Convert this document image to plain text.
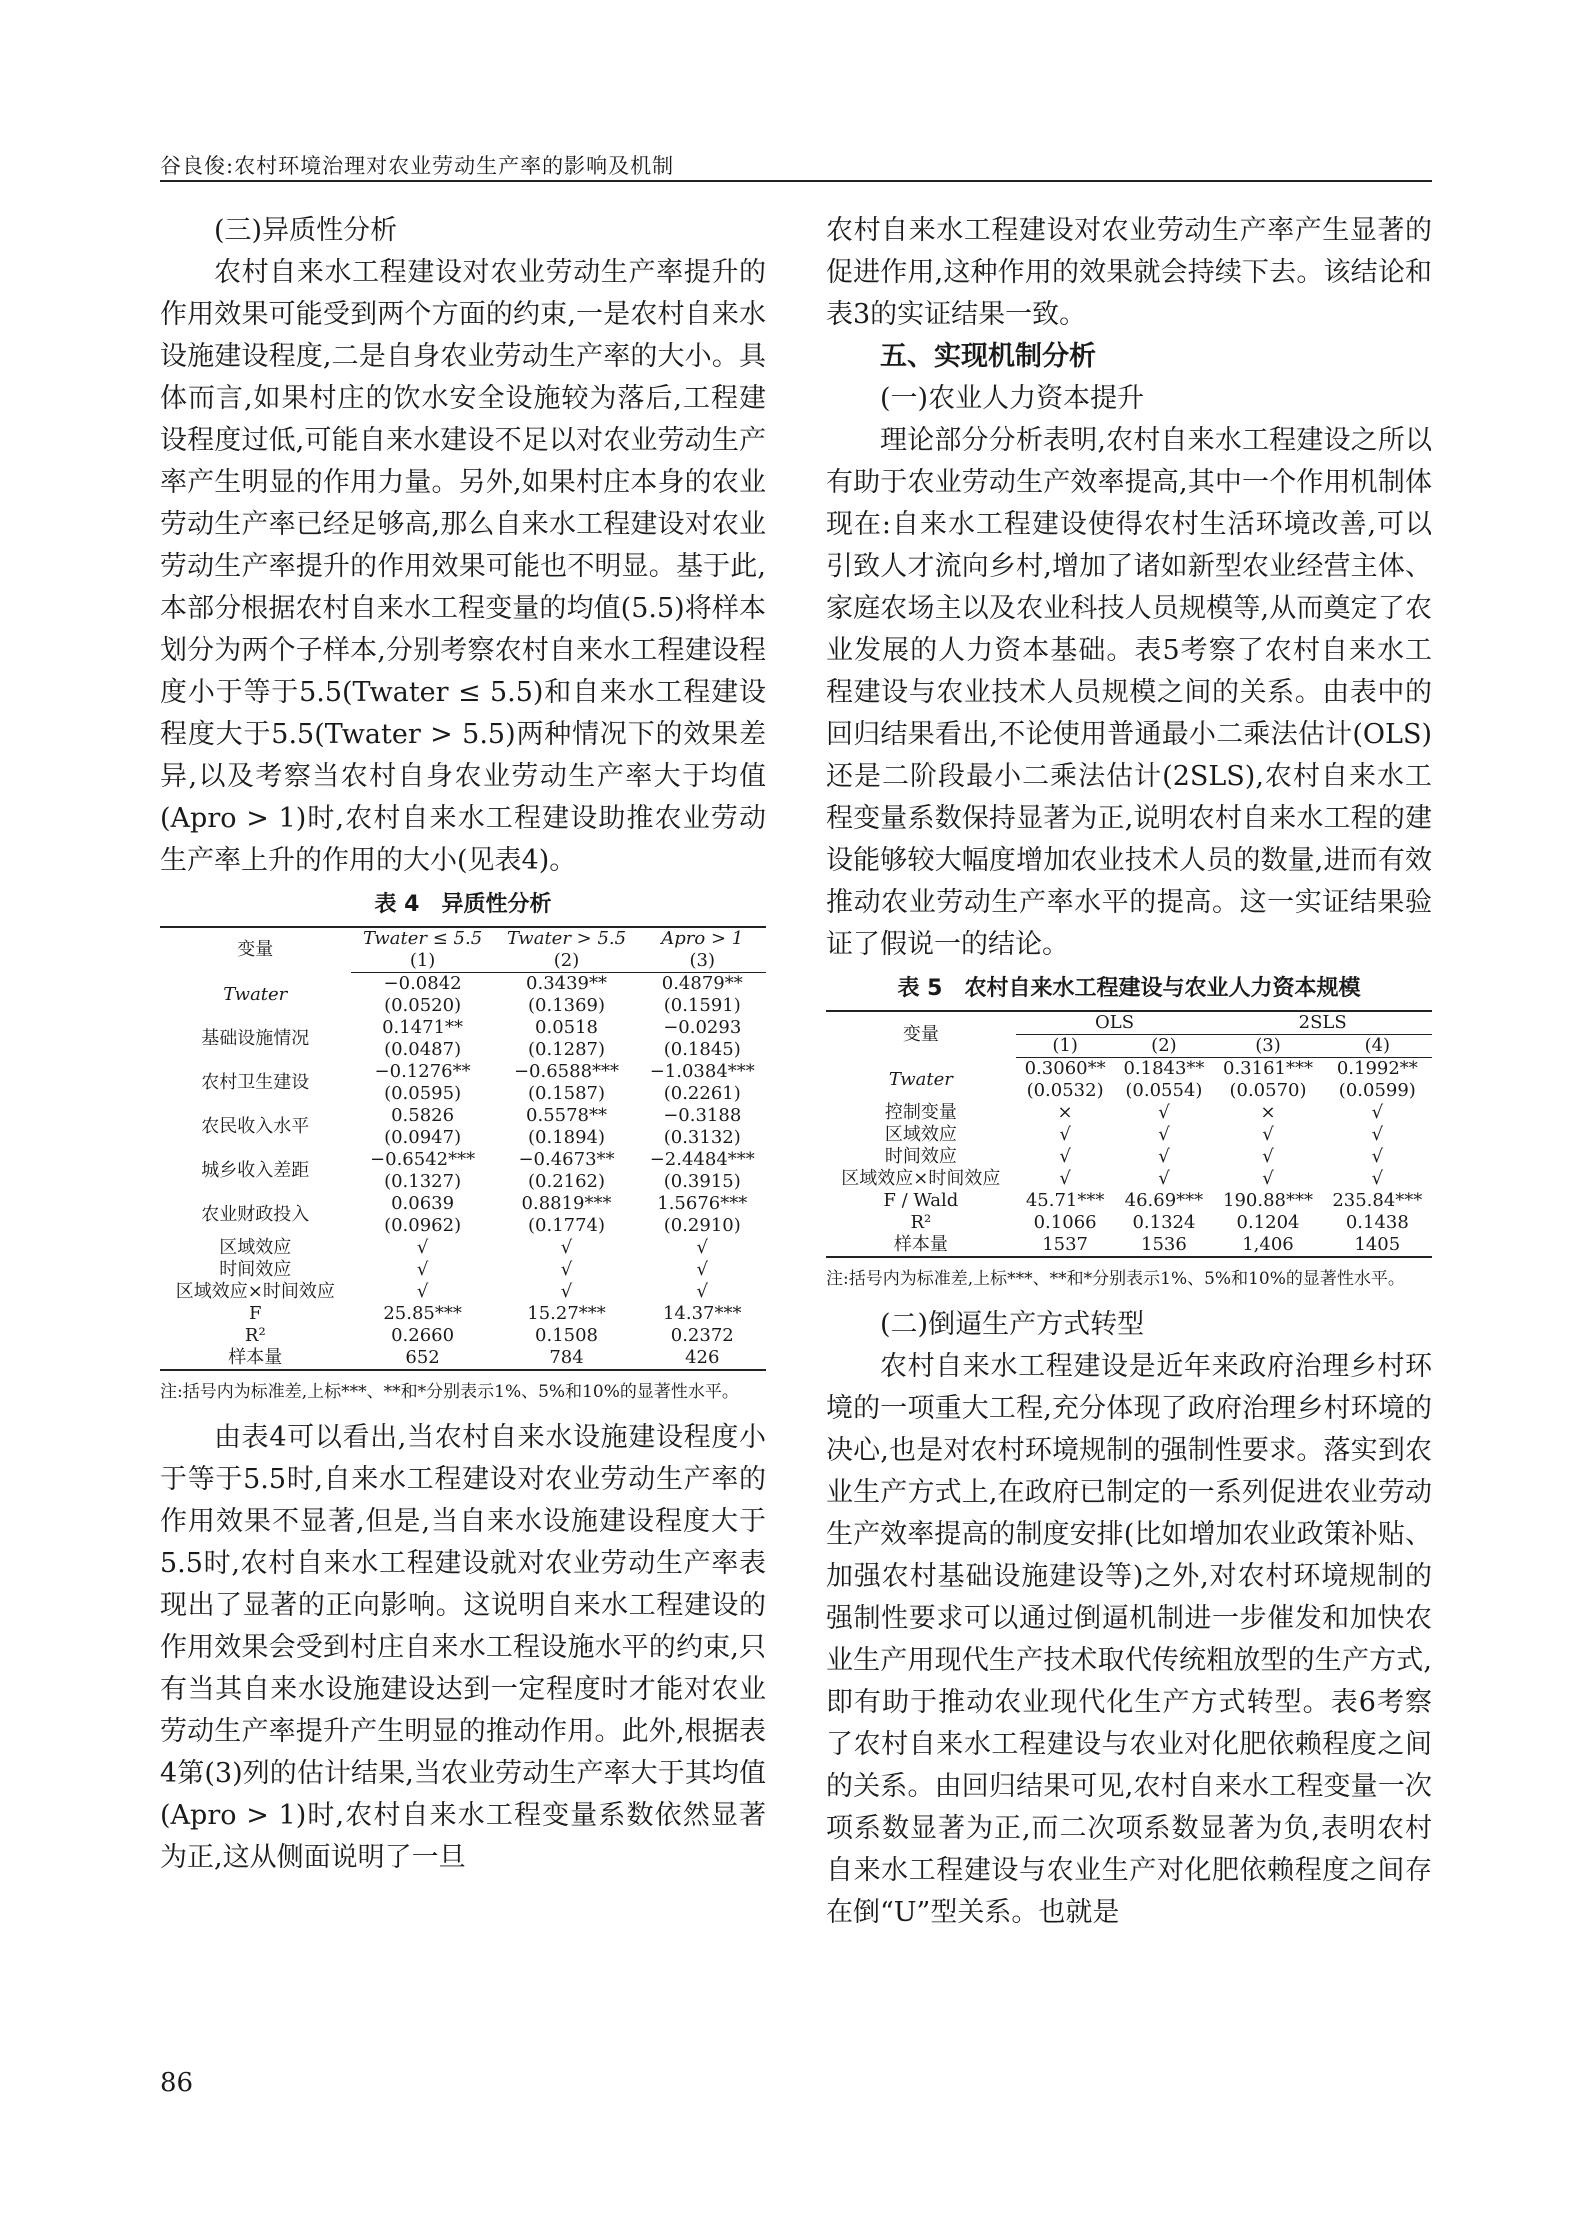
谷良俊:农村环境治理对农业劳动生产率的影响及机制
(三)异质性分析

农村自来水工程建设对农业劳动生产率提升的作用效果可能受到两个方面的约束,一是农村自来水设施建设程度,二是自身农业劳动生产率的大小。具体而言,如果村庄的饮水安全设施较为落后,工程建设程度过低,可能自来水建设不足以对农业劳动生产率产生明显的作用力量。另外,如果村庄本身的农业劳动生产率已经足够高,那么自来水工程建设对农业劳动生产率提升的作用效果可能也不明显。基于此,本部分根据农村自来水工程变量的均值(5.5)将样本划分为两个子样本,分别考察农村自来水工程建设程度小于等于5.5(Twater ≤ 5.5)和自来水工程建设程度大于5.5(Twater > 5.5)两种情况下的效果差异,以及考察当农村自身农业劳动生产率大于均值(Apro > 1)时,农村自来水工程建设助推农业劳动生产率上升的作用的大小(见表4)。

表 4　异质性分析
变量	Twater ≤ 5.5	Twater > 5.5	Apro > 1
	(1)	(2)	(3)
Twater	−0.0842	0.3439**	0.4879**
	(0.0520)	(0.1369)	(0.1591)
基础设施情况	0.1471**	0.0518	−0.0293
	(0.0487)	(0.1287)	(0.1845)
农村卫生建设	−0.1276**	−0.6588***	−1.0384***
	(0.0595)	(0.1587)	(0.2261)
农民收入水平	0.5826	0.5578**	−0.3188
	(0.0947)	(0.1894)	(0.3132)
城乡收入差距	−0.6542***	−0.4673**	−2.4484***
	(0.1327)	(0.2162)	(0.3915)
农业财政投入	0.0639	0.8819***	1.5676***
	(0.0962)	(0.1774)	(0.2910)
区域效应	√	√	√
时间效应	√	√	√
区域效应×时间效应	√	√	√
F	25.85***	15.27***	14.37***
R²	0.2660	0.1508	0.2372
样本量	652	784	426
注:括号内为标准差,上标***、**和*分别表示1%、5%和10%的显著性水平。

由表4可以看出,当农村自来水设施建设程度小于等于5.5时,自来水工程建设对农业劳动生产率的作用效果不显著,但是,当自来水设施建设程度大于5.5时,农村自来水工程建设就对农业劳动生产率表现出了显著的正向影响。这说明自来水工程建设的作用效果会受到村庄自来水工程设施水平的约束,只有当其自来水设施建设达到一定程度时才能对农业劳动生产率提升产生明显的推动作用。此外,根据表4第(3)列的估计结果,当农业劳动生产率大于其均值(Apro > 1)时,农村自来水工程变量系数依然显著为正,这从侧面说明了一旦

农村自来水工程建设对农业劳动生产率产生显著的促进作用,这种作用的效果就会持续下去。该结论和表3的实证结果一致。

五、实现机制分析
(一)农业人力资本提升

理论部分分析表明,农村自来水工程建设之所以有助于农业劳动生产效率提高,其中一个作用机制体现在:自来水工程建设使得农村生活环境改善,可以引致人才流向乡村,增加了诸如新型农业经营主体、家庭农场主以及农业科技人员规模等,从而奠定了农业发展的人力资本基础。表5考察了农村自来水工程建设与农业技术人员规模之间的关系。由表中的回归结果看出,不论使用普通最小二乘法估计(OLS)还是二阶段最小二乘法估计(2SLS),农村自来水工程变量系数保持显著为正,说明农村自来水工程的建设能够较大幅度增加农业技术人员的数量,进而有效推动农业劳动生产率水平的提高。这一实证结果验证了假说一的结论。

表 5　农村自来水工程建设与农业人力资本规模
变量	OLS		2SLS	
	(1)	(2)	(3)	(4)
Twater	0.3060**	0.1843**	0.3161***	0.1992**
	(0.0532)	(0.0554)	(0.0570)	(0.0599)
控制变量	×	√	×	√
区域效应	√	√	√	√
时间效应	√	√	√	√
区域效应×时间效应	√	√	√	√
F / Wald	45.71***	46.69***	190.88***	235.84***
R²	0.1066	0.1324	0.1204	0.1438
样本量	1537	1536	1,406	1405
注:括号内为标准差,上标***、**和*分别表示1%、5%和10%的显著性水平。
(二)倒逼生产方式转型

农村自来水工程建设是近年来政府治理乡村环境的一项重大工程,充分体现了政府治理乡村环境的决心,也是对农村环境规制的强制性要求。落实到农业生产方式上,在政府已制定的一系列促进农业劳动生产效率提高的制度安排(比如增加农业政策补贴、加强农村基础设施建设等)之外,对农村环境规制的强制性要求可以通过倒逼机制进一步催发和加快农业生产用现代生产技术取代传统粗放型的生产方式,即有助于推动农业现代化生产方式转型。表6考察了农村自来水工程建设与农业对化肥依赖程度之间的关系。由回归结果可见,农村自来水工程变量一次项系数显著为正,而二次项系数显著为负,表明农村自来水工程建设与农业生产对化肥依赖程度之间存在倒“U”型关系。也就是

86
